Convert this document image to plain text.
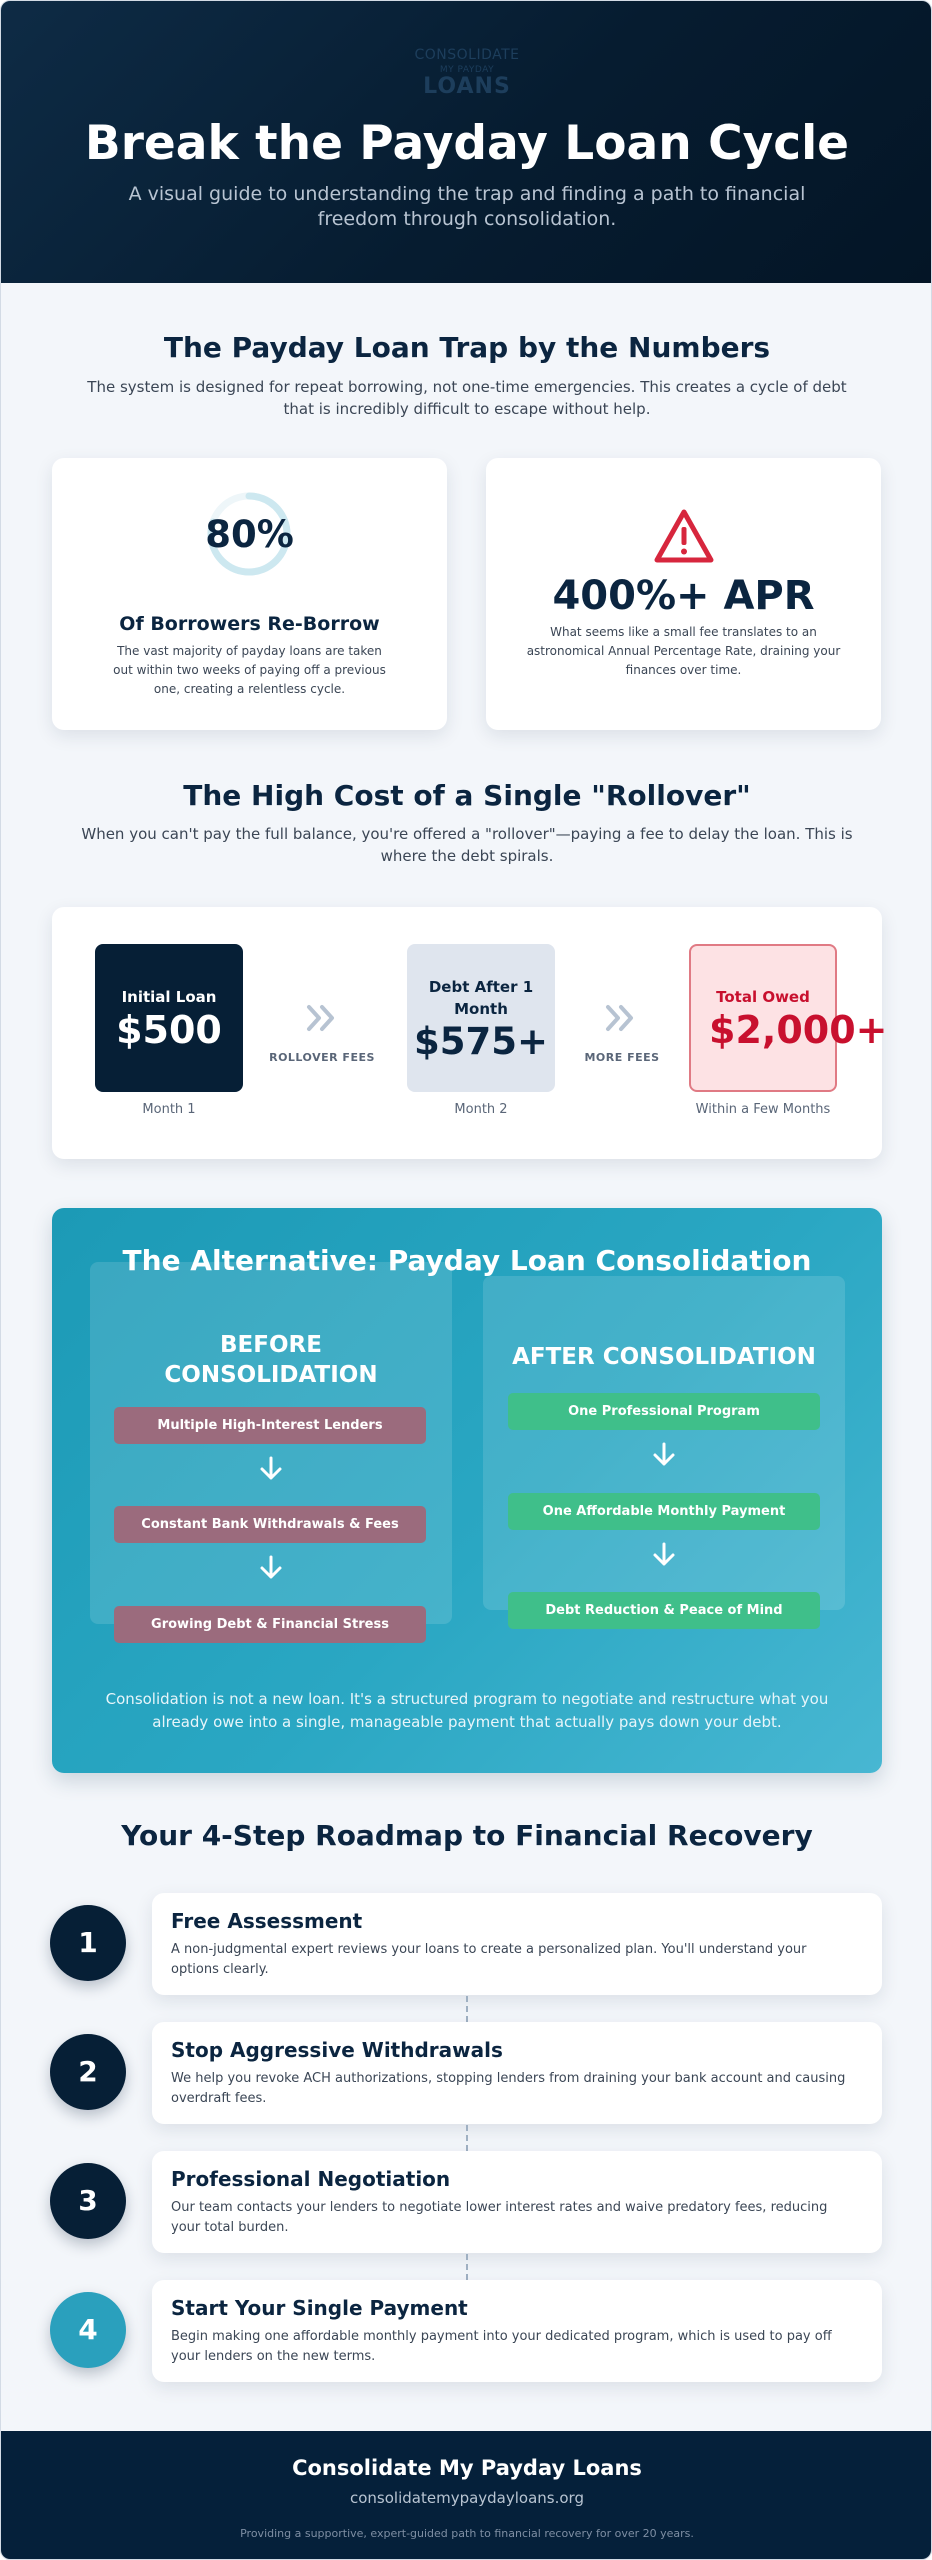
CONSOLIDATE
MY PAYDAY
LOANS
Break the Payday Loan Cycle
A visual guide to understanding the trap and finding a path to financial freedom through consolidation.
The Payday Loan Trap by the Numbers
The system is designed for repeat borrowing, not one-time emergencies. This creates a cycle of debt that is incredibly difficult to escape without help.
80%
Of Borrowers Re-Borrow
The vast majority of payday loans are taken out within two weeks of paying off a previous one, creating a relentless cycle.
400%+ APR
What seems like a small fee translates to an astronomical Annual Percentage Rate, draining your finances over time.
The High Cost of a Single "Rollover"
When you can't pay the full balance, you're offered a "rollover"—paying a fee to delay the loan. This is where the debt spirals.
Initial Loan
$500
Month 1
ROLLOVER FEES
Debt After 1 Month
$575+
Month 2
MORE FEES
Total Owed
$2,000+
Within a Few Months
The Alternative: Payday Loan Consolidation
BEFORE CONSOLIDATION
Multiple High-Interest Lenders
Constant Bank Withdrawals & Fees
Growing Debt & Financial Stress
AFTER CONSOLIDATION
One Professional Program
One Affordable Monthly Payment
Debt Reduction & Peace of Mind
Consolidation is not a new loan. It's a structured program to negotiate and restructure what you already owe into a single, manageable payment that actually pays down your debt.
Your 4-Step Roadmap to Financial Recovery
1
Free Assessment
A non-judgmental expert reviews your loans to create a personalized plan. You'll understand your options clearly.
2
Stop Aggressive Withdrawals
We help you revoke ACH authorizations, stopping lenders from draining your bank account and causing overdraft fees.
3
Professional Negotiation
Our team contacts your lenders to negotiate lower interest rates and waive predatory fees, reducing your total burden.
4
Start Your Single Payment
Begin making one affordable monthly payment into your dedicated program, which is used to pay off your lenders on the new terms.
Consolidate My Payday Loans
consolidatemypaydayloans.org
Providing a supportive, expert-guided path to financial recovery for over 20 years.
